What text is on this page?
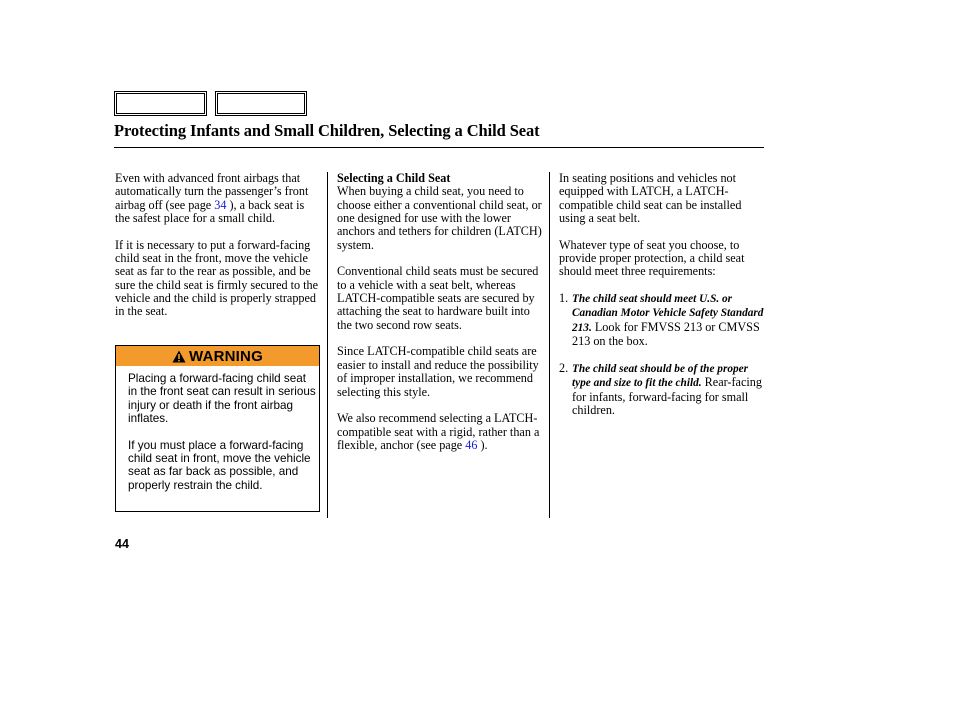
Protecting Infants and Small Children, Selecting a Child Seat

Even with advanced front airbags that automatically turn the passenger’s front airbag off (see page 34 ), a back seat is the safest place for a small child.

If it is necessary to put a forward-facing child seat in the front, move the vehicle seat as far to the rear as possible, and be sure the child seat is firmly secured to the vehicle and the child is properly strapped in the seat.

WARNING

Placing a forward-facing child seat in the front seat can result in serious injury or death if the front airbag inflates.

If you must place a forward-facing child seat in front, move the vehicle seat as far back as possible, and properly restrain the child.

Selecting a Child Seat

When buying a child seat, you need to choose either a conventional child seat, or one designed for use with the lower anchors and tethers for children (LATCH) system.

Conventional child seats must be secured to a vehicle with a seat belt, whereas LATCH-compatible seats are secured by attaching the seat to hardware built into the two second row seats.

Since LATCH-compatible child seats are easier to install and reduce the possibility of improper installation, we recommend selecting this style.

We also recommend selecting a LATCH-compatible seat with a rigid, rather than a flexible, anchor (see page 46 ).

In seating positions and vehicles not equipped with LATCH, a LATCH-compatible child seat can be installed using a seat belt.

Whatever type of seat you choose, to provide proper protection, a child seat should meet three requirements:

1. The child seat should meet U.S. or Canadian Motor Vehicle Safety Standard 213. Look for FMVSS 213 or CMVSS 213 on the box.
2. The child seat should be of the proper type and size to fit the child. Rear-facing for infants, forward-facing for small children.
44
